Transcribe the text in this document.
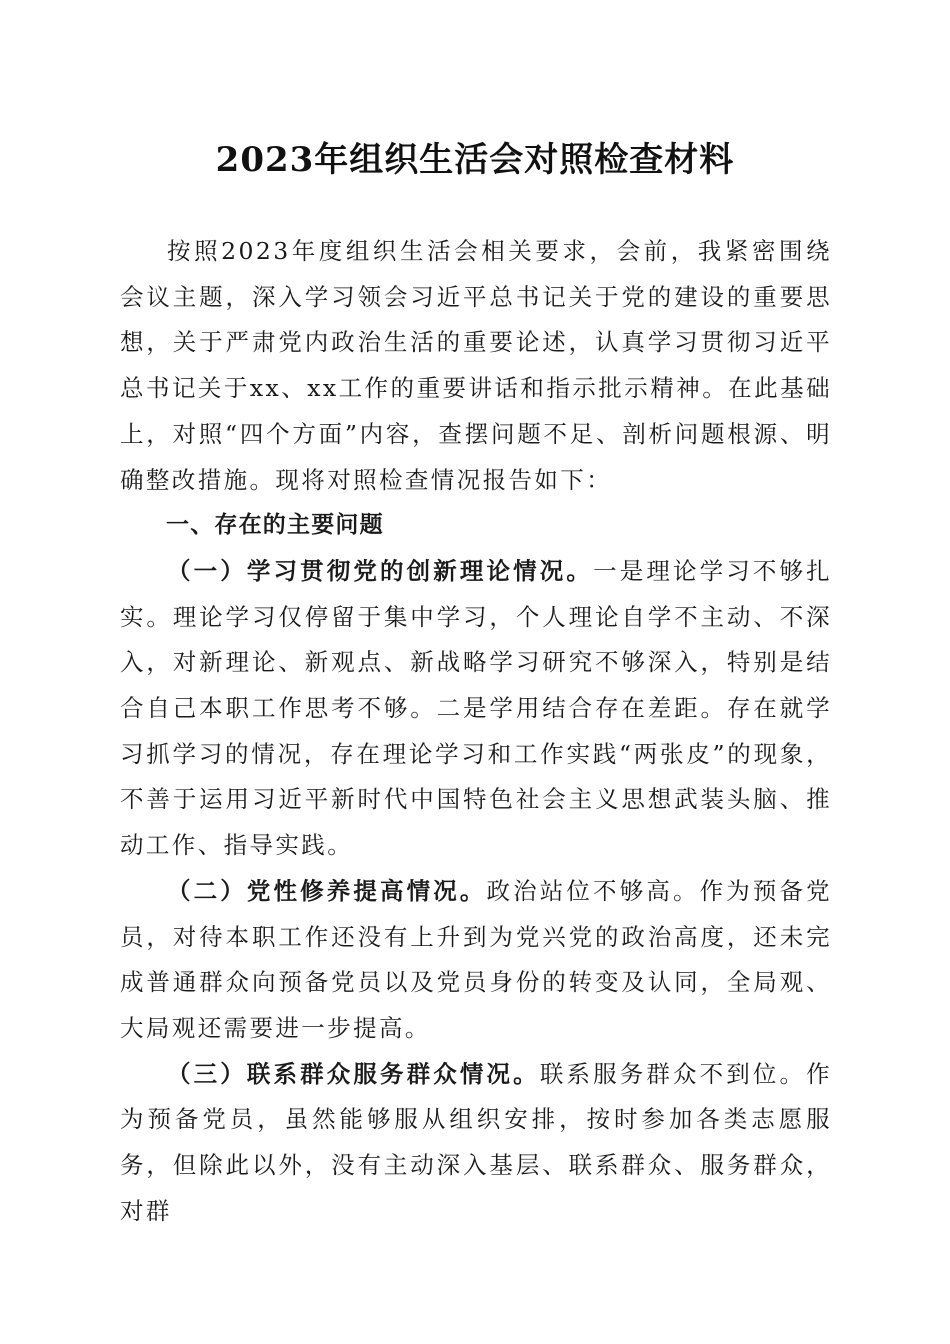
2023年组织生活会对照检查材料

按照2023年度组织生活会相关要求，会前，我紧密围绕会议主题，深入学习领会习近平总书记关于党的建设的重要思想，关于严肃党内政治生活的重要论述，认真学习贯彻习近平总书记关于xx、xx工作的重要讲话和指示批示精神。在此基础上，对照“四个方面”内容，查摆问题不足、剖析问题根源、明确整改措施。现将对照检查情况报告如下：

一、存在的主要问题

（一）学习贯彻党的创新理论情况。一是理论学习不够扎实。理论学习仅停留于集中学习，个人理论自学不主动、不深入，对新理论、新观点、新战略学习研究不够深入，特别是结合自己本职工作思考不够。二是学用结合存在差距。存在就学习抓学习的情况，存在理论学习和工作实践“两张皮”的现象，不善于运用习近平新时代中国特色社会主义思想武装头脑、推动工作、指导实践。

（二）党性修养提高情况。政治站位不够高。作为预备党员，对待本职工作还没有上升到为党兴党的政治高度，还未完成普通群众向预备党员以及党员身份的转变及认同，全局观、大局观还需要进一步提高。

（三）联系群众服务群众情况。联系服务群众不到位。作为预备党员，虽然能够服从组织安排，按时参加各类志愿服务，但除此以外，没有主动深入基层、联系群众、服务群众，对群
